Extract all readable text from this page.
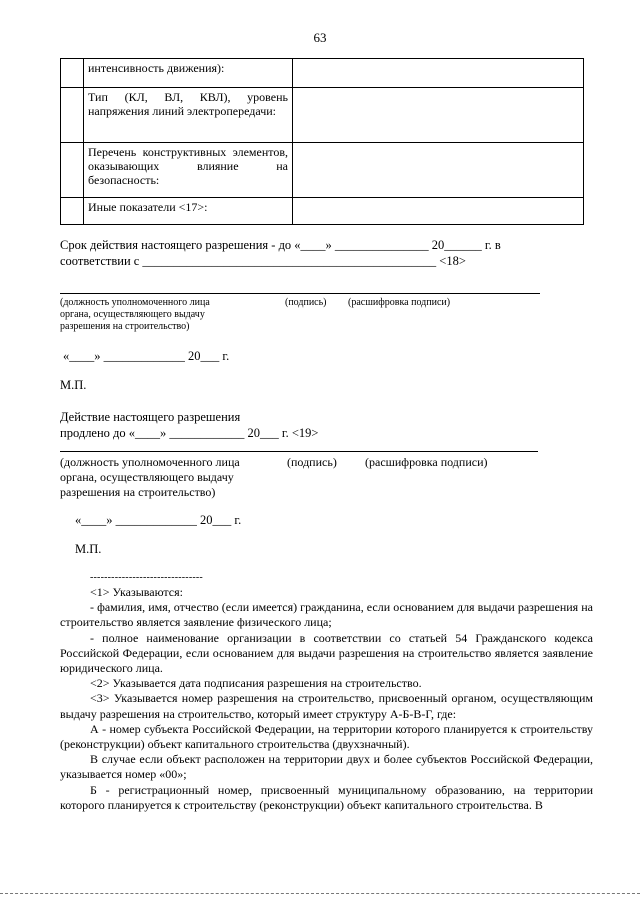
63
	интенсивность движения):	
	Тип (КЛ, ВЛ, КВЛ), уровень напряжения линий электропередачи:	
	Перечень конструктивных элементов, оказывающих влияние на безопасность:	
	Иные показатели <17>:	
Срок действия настоящего разрешения - до «____» _______________ 20______ г. в
соответствии с _______________________________________________ <18>
(должность уполномоченного лица
органа, осуществляющего выдачу
разрешения на строительство)
(подпись) (расшифровка подписи)
«____» _____________ 20___ г.
М.П.
Действие настоящего разрешения
продлено до «____» ____________ 20___ г. <19>
(должность уполномоченного лица
органа, осуществляющего выдачу
разрешения на строительство)
(подпись) (расшифровка подписи)
«____» _____________ 20___ г.
М.П.
--------------------------------

<1> Указываются:

- фамилия, имя, отчество (если имеется) гражданина, если основанием для выдачи разрешения на строительство является заявление физического лица;

- полное наименование организации в соответствии со статьей 54 Гражданского кодекса Российской Федерации, если основанием для выдачи разрешения на строительство является заявление юридического лица.

<2> Указывается дата подписания разрешения на строительство.

<3> Указывается номер разрешения на строительство, присвоенный органом, осуществляющим выдачу разрешения на строительство, который имеет структуру А-Б-В-Г, где:

А - номер субъекта Российской Федерации, на территории которого планируется к строительству (реконструкции) объект капитального строительства (двухзначный).

В случае если объект расположен на территории двух и более субъектов Российской Федерации, указывается номер «00»;

Б - регистрационный номер, присвоенный муниципальному образованию, на территории которого планируется к строительству (реконструкции) объект капитального строительства. В
